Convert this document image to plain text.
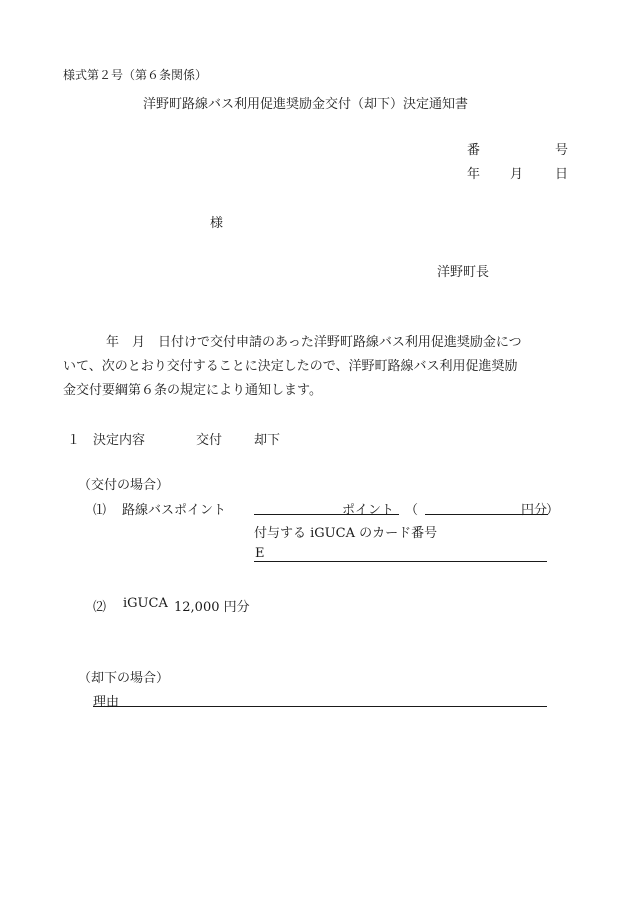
様式第２号（第６条関係）
洋野町路線バス利用促進奨励金交付（却下）決定通知書
番	号
年 月 日
様
洋野町長
年　月　日付けで交付申請のあった洋野町路線バス利用促進奨励金につ
いて、次のとおり交付することに決定したので、洋野町路線バス利用促進奨励
金交付要綱第６条の規定により通知します。
１ 決定内容	交付 却下
（交付の場合）
⑴ 路線バスポイント	ポイント （	円分
）
付与する iGUCA のカード番号
E
⑵ iGUCA 12,000 円分
（却下の場合）
理由
